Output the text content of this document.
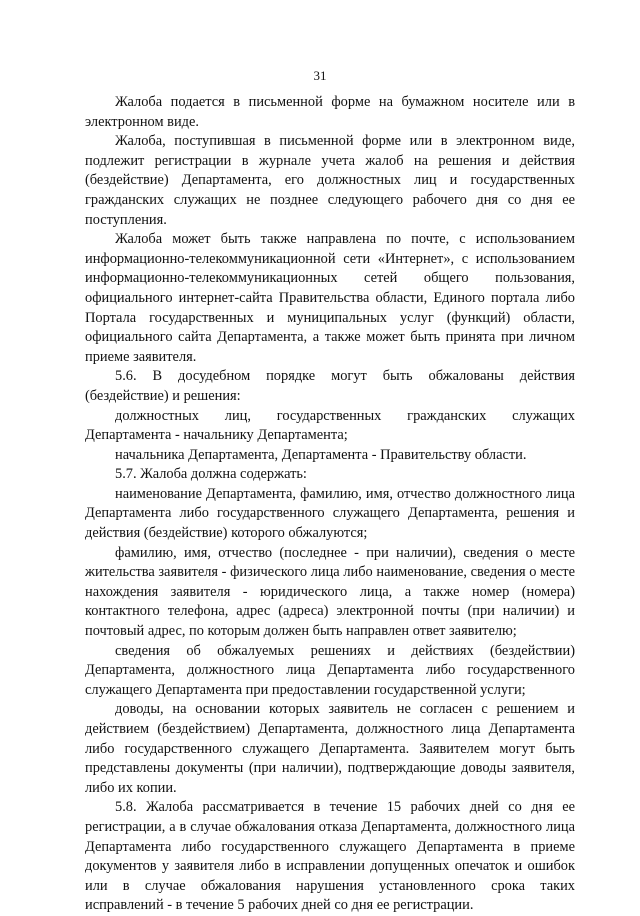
31

Жалоба подается в письменной форме на бумажном носителе или в электронном виде.

Жалоба, поступившая в письменной форме или в электронном виде, подлежит регистрации в журнале учета жалоб на решения и действия (бездействие) Департамента, его должностных лиц и государственных гражданских служащих не позднее следующего рабочего дня со дня ее поступления.

Жалоба может быть также направлена по почте, с использованием информационно-телекоммуникационной сети «Интернет», с использованием информационно-телекоммуникационных сетей общего пользования, официального интернет-сайта Правительства области, Единого портала либо Портала государственных и муниципальных услуг (функций) области, официального сайта Департамента, а также может быть принята при личном приеме заявителя.

5.6. В досудебном порядке могут быть обжалованы действия (бездействие) и решения:

должностных лиц, государственных гражданских служащих Департамента - начальнику Департамента;

начальника Департамента, Департамента - Правительству области.

5.7. Жалоба должна содержать:

наименование Департамента, фамилию, имя, отчество должностного лица Департамента либо государственного служащего Департамента, решения и действия (бездействие) которого обжалуются;

фамилию, имя, отчество (последнее - при наличии), сведения о месте жительства заявителя - физического лица либо наименование, сведения о месте нахождения заявителя - юридического лица, а также номер (номера) контактного телефона, адрес (адреса) электронной почты (при наличии) и почтовый адрес, по которым должен быть направлен ответ заявителю;

сведения об обжалуемых решениях и действиях (бездействии) Департамента, должностного лица Департамента либо государственного служащего Департамента при предоставлении государственной услуги;

доводы, на основании которых заявитель не согласен с решением и действием (бездействием) Департамента, должностного лица Департамента либо государственного служащего Департамента. Заявителем могут быть представлены документы (при наличии), подтверждающие доводы заявителя, либо их копии.

5.8. Жалоба рассматривается в течение 15 рабочих дней со дня ее регистрации, а в случае обжалования отказа Департамента, должностного лица Департамента либо государственного служащего Департамента в приеме документов у заявителя либо в исправлении допущенных опечаток и ошибок или в случае обжалования нарушения установленного срока таких исправлений - в течение 5 рабочих дней со дня ее регистрации.
